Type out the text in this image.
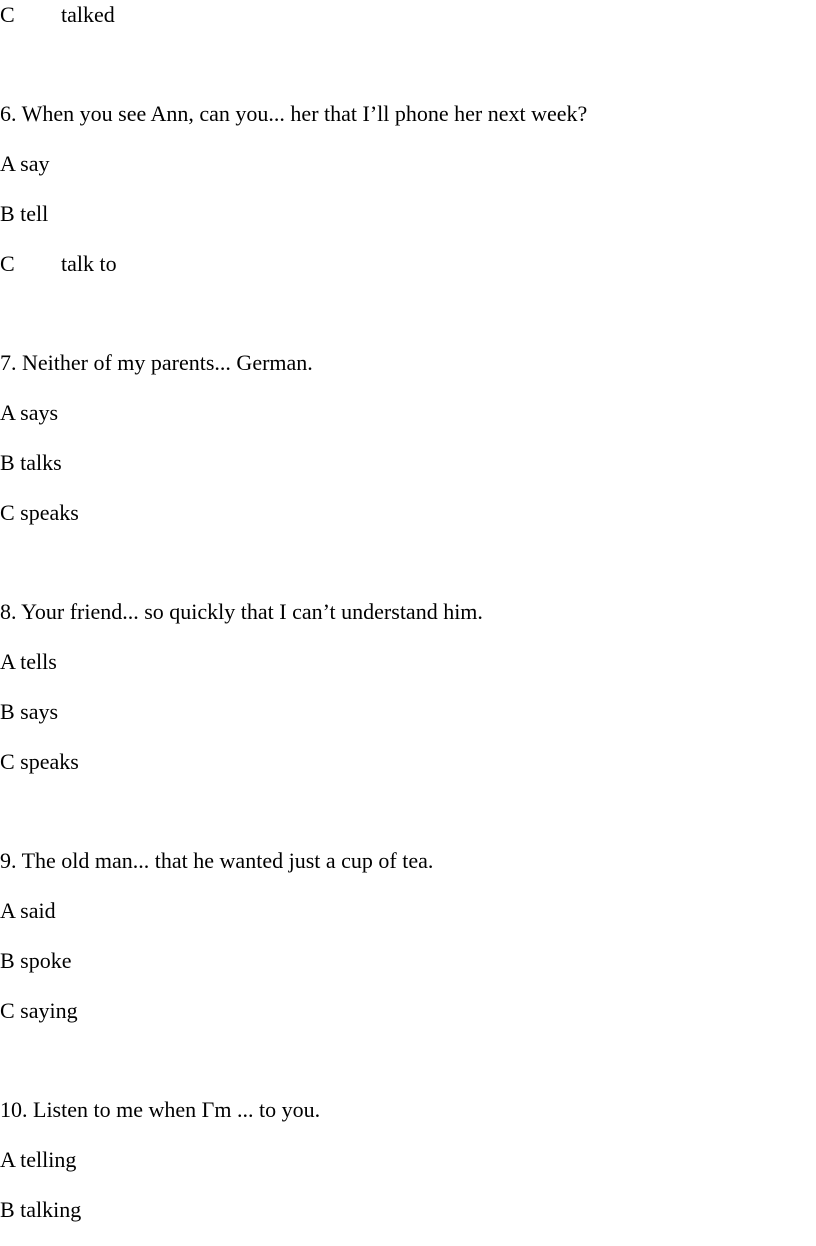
C	talked
6. When you see Ann, can you... her that I’ll phone her next week?
A say
B tell
C	talk to
7. Neither of my parents... German.
A says
B talks
C speaks
8. Your friend... so quickly that I can’t understand him.
A tells
B says
C speaks
9. The old man... that he wanted just a cup of tea.
A said
B spoke
C saying
10. Listen to me when Гm ... to you.
A telling
B talking
